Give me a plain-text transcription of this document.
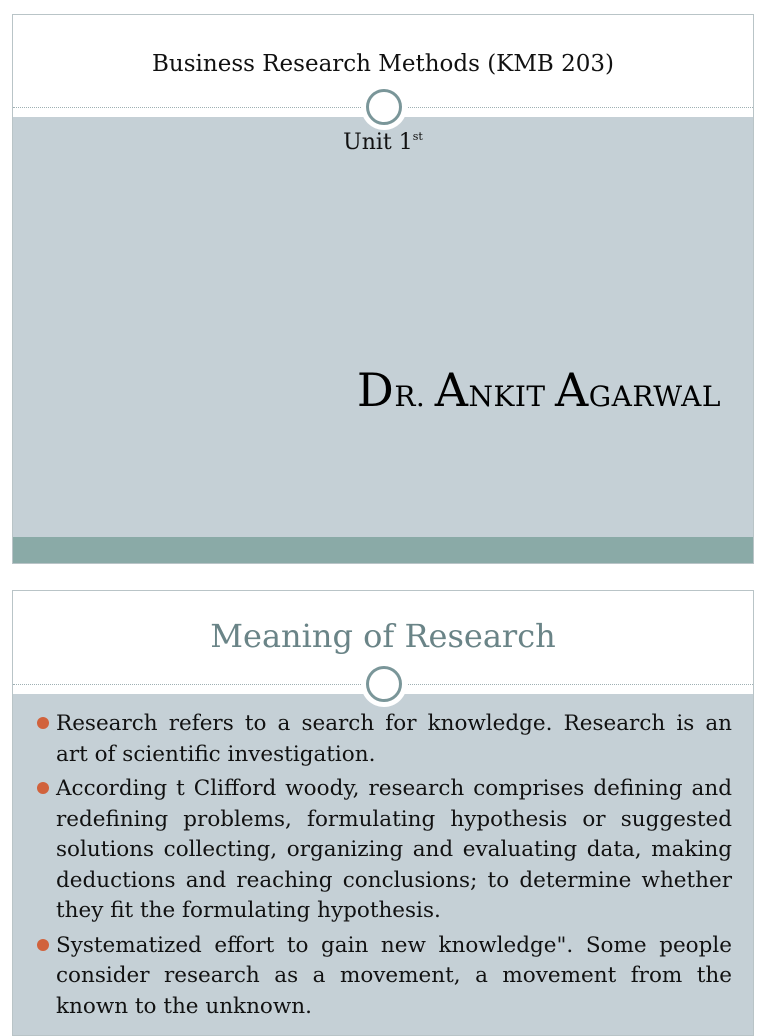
Business Research Methods (KMB 203)
Unit 1st
DR. ANKIT AGARWAL
Meaning of Research
Research refers to a search for knowledge. Research is an art of scientific investigation.
According t Clifford woody, research comprises defining and redefining problems, formulating hypothesis or suggested solutions collecting, organizing and evaluating data, making deductions and reaching conclusions; to determine whether they fit the formulating hypothesis.
Systematized effort to gain new knowledge". Some people consider research as a movement, a movement from the known to the unknown.
